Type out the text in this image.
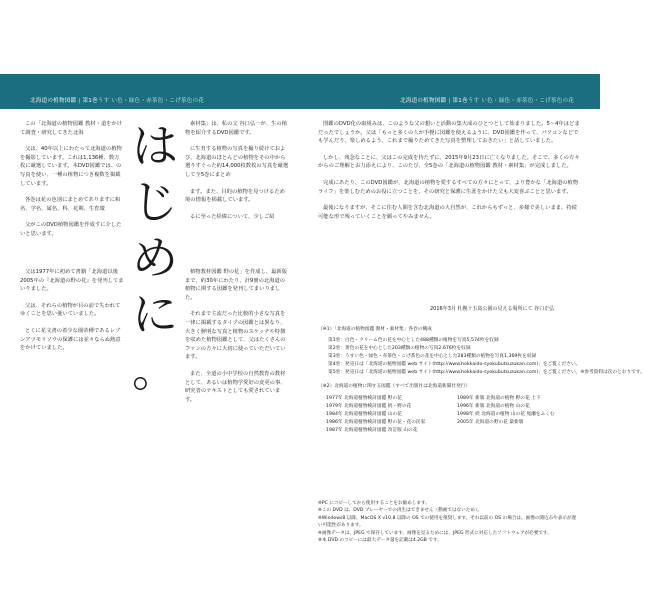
北海道の植物図鑑 | 第1巻うす い色・緑色・赤茶色・こげ茶色の花	北海道の植物図鑑 | 第1巻うす い色・緑色・赤茶色・こげ茶色の花

この「北海道の植物図鑑 教材・道をかけて調査・研究してきた北海

父は、40年以上にわたって北海道の植物を撮影しています。これは1,136種、数万枚に厳選しています。本DVD図鑑では、の写真を使い、一種の植物につき複数を掲載しています。

各巻は花の色別にまとめてありますに和名、学名、属名、科、花期、生育環

父がこのDVD植物図鑑を作成すに介したいと思います。

は
じ
め
に
。

素材集」は、私の父 谷口弘一が、生の植物を紹介するDVD図鑑です。

に生育する植物の写真を撮り続けておよび、北海道のほとんどの植物をその中から選りすぐった約14,000枚数枚の写真を厳選して全5巻にまとめ

ます。また、目的の植物を見つけるため境の情報を掲載しています。

るに至った経緯について、少しご紹

植物教材図鑑 野の花」を作成し、最新版まで、約30年にわたり、計9冊の北海道の植物に関する図鑑を発刊してまいりました。

それまで主流だった比較的小さな写真を一律に掲載するタイプの図鑑とは異なり、大きく鮮明な写真と植物のスケッチや特徴を収めた植物図鑑として、父はたくさんのファンの方々に大切に使っていただいています。

また、全道の小中学校の自然教育の教材として、あるいは植物学愛好の変更の事、研究者のテキストとしても愛されています。

父は1977年に初めて書籍「北海道以後2005年の『北海道の野の花』を発刊してまいりました。

父は、それらの植物が目の前で失われてゆくことを思い憂いていました。

とくに花文書の希少な園帝種であるレブンアツモリソウの保護には並々ならぬ熱意をかけていました。

图鑑のDVD化の取組みは、このような父の想いと活動の集大成のひとつとして始まりました。5〜4年はどまだったでしょうか。父は「もっと多くの人が手軽に図鑑を使えるように、DVD図鑑を作って、パソコンなどでも学んだり、楽しめるよう、これまで撮りためてきた写真を整理しておきたい」と話していました。

しかし、残念なことに、父はこの完成を待たずに、2015年9月23日に亡くなりました。そこで、多くの方々からのご理解とお力添えにより、このたび、全5巻の「北海道の植物図鑑 教材・素材集」が完成しました。

完成にあたり、このDVD図鑑が、北海道の植物を愛するすべての方々にとって、より豊かな「北海道の植物ライフ」を楽しむためのお役に立つことを、その研究と保護に生涯をかけた父も大変喜ぶことと思います。

最後になりますが、そこに住む人間を含む北海道の大自然が、これからもずっと、多様で美しいまま、持続可能な形で残っていくことを願ってやみません。

2016年3月 札幌十五島公園の見える場所にて 谷口正弘
（※1）「北海道の植物図鑑 教材・素材集」各巻の構成
第1巻：白色・クリーム色の花を中心とした488種類の植物を写真5,574枚を収録
第2巻：黄色の花を中心とした203種類の植物の写真2,676枚を収録
第3巻：うすい色・緑色・赤茶色・こげ茶色の花を中心とした283種類の植物を写真1,369枚を収録
第4巻：発売日は「北海道の植物図鑑 web サイト(http://www.hokkaido-syokubutsuzukan.com)」をご覧ください。
第5巻：発売日は「北海道の植物図鑑 web サイト(http://www.hokkaido-syokubutsuzukan.com)」をご覧ください。※参考資料は次のとおりです。
（※2）北海道の植物に関する図鑑（すべて出版社は北海道新聞社発行）
1977年 北海道植物検討図鑑 野の花	1989年 新版 北海道の植物 野の花 上下
1979年 北海道植物検討図鑑 続・野の花	1996年 新版 北海道の植物 山の花
1984年 北海道植物検討図鑑 山の花	1998年 続 北海道の植物 山の花 尾瀬をふくむ
1986年 北海道植物検討図鑑 野の花・花の民家	2005年 北海道の野の花 最新版
1987年 北海道植物検討図鑑 改訂版 山の花
※PC にコピーしてから使用することをお勧めします。
※この DVD は、DVD プレーヤーでの再生はできません（動画ではないため）。
※Windows8 以降、MacOS X v10.8 以降の OS での使用を推奨します。それ以前の OS の場合は、画像の開込みや表示が遅い可能性があります。
※画像データは、JPEG で保存しています。画像を見るためには、JPEG 形式に対応したソフトウェアが必要です。
※本 DVD のコピーには最大データ量を記載は4.2GB です。
